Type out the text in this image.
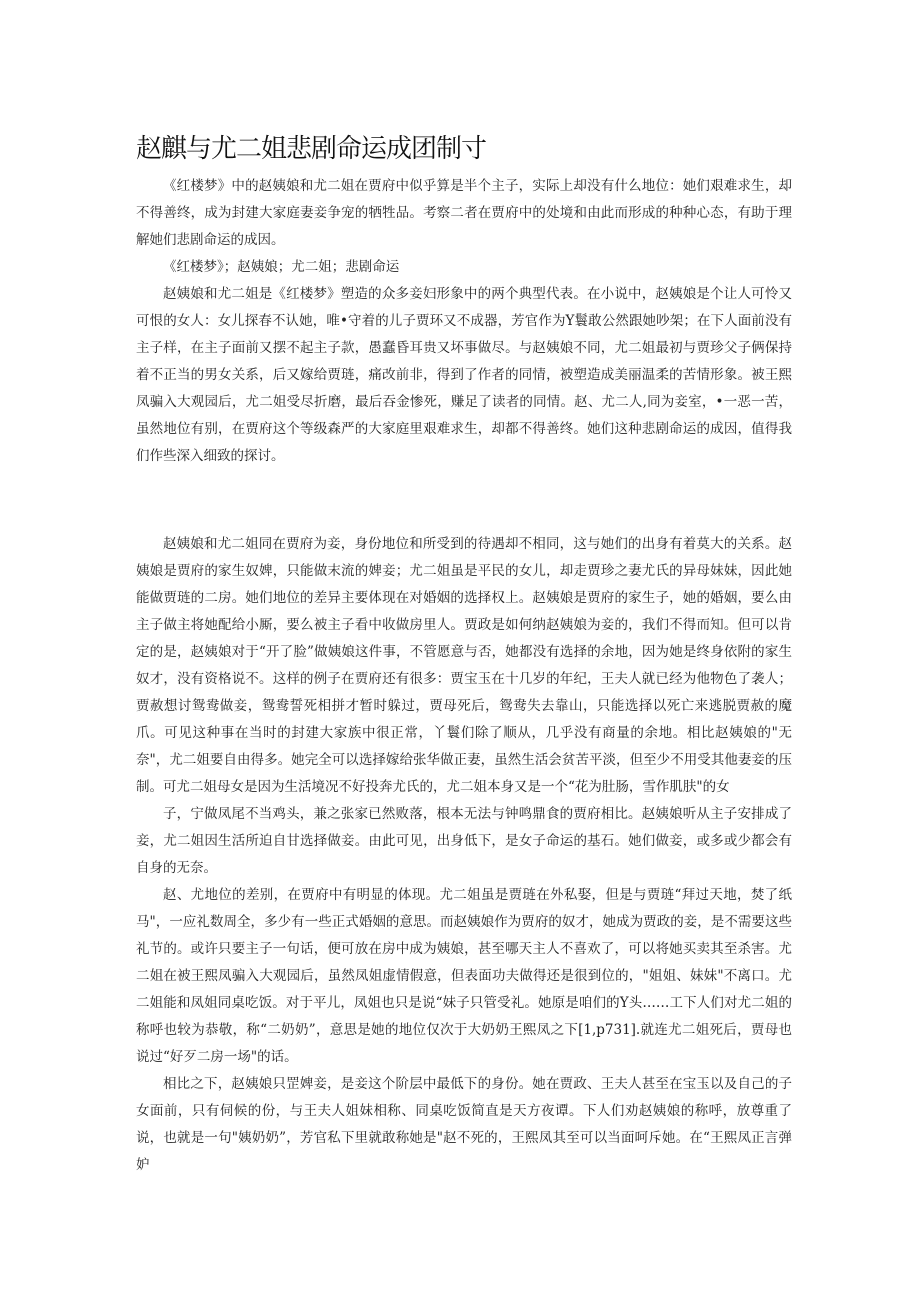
赵麒与尤二姐悲剧命运成团制寸

《红楼梦》中的赵姨娘和尤二姐在贾府中似乎算是半个主子，实际上却没有什么地位：她们艰难求生，却不得善终，成为封建大家庭妻妾争宠的牺牲品。考察二者在贾府中的处境和由此而形成的种种心态，有助于理解她们悲剧命运的成因。

《红楼梦》；赵姨娘；尤二姐；悲剧命运

赵姨娘和尤二姐是《红楼梦》塑造的众多妾妇形象中的两个典型代表。在小说中，赵姨娘是个让人可怜又可恨的女人：女儿探春不认她，唯•守着的儿子贾环又不成器，芳官作为Y鬟敢公然跟她吵架；在下人面前没有主子样，在主子面前又摆不起主子款，愚蠢昏耳贵又坏事做尽。与赵姨娘不同，尤二姐最初与贾珍父子俩保持着不正当的男女关系，后又嫁给贾琏，痛改前非，得到了作者的同情，被塑造成美丽温柔的苦情形象。被王熙凤骗入大观园后，尤二姐受尽折磨，最后吞金惨死，赚足了读者的同情。赵、尤二人,同为妾室，•一恶一苦，虽然地位有别，在贾府这个等级森严的大家庭里艰难求生，却都不得善终。她们这种悲剧命运的成因，值得我们作些深入细致的探讨。

赵姨娘和尤二姐同在贾府为妾，身份地位和所受到的待遇却不相同，这与她们的出身有着莫大的关系。赵姨娘是贾府的家生奴婢，只能做末流的婢妾；尤二姐虽是平民的女儿，却走贾珍之妻尤氏的异母妹妹，因此她能做贾琏的二房。她们地位的差异主要体现在对婚姻的选择权上。赵姨娘是贾府的家生子，她的婚姻，要么由主子做主将她配给小厮，要么被主子看中收做房里人。贾政是如何纳赵姨娘为妾的，我们不得而知。但可以肯定的是，赵姨娘对于“开了脸”做姨娘这件事，不管愿意与否，她都没有选择的余地，因为她是终身依附的家生奴才，没有资格说不。这样的例子在贾府还有很多：贾宝玉在十几岁的年纪，王夫人就已经为他物色了袭人；贾赦想讨鸳鸯做妾，鸳鸯誓死相拼才暂时躲过，贾母死后，鸳鸯失去靠山，只能选择以死亡来逃脱贾赦的魔爪。可见这种事在当时的封建大家族中很正常，丫鬟们除了顺从，几乎没有商量的余地。相比赵姨娘的"无奈"，尤二姐要自由得多。她完全可以选择嫁给张华做正妻，虽然生活会贫苦平淡，但至少不用受其他妻妾的压制。可尤二姐母女是因为生活境况不好投奔尤氏的，尤二姐本身又是一个“花为肚肠，雪作肌肤"的女

子，宁做凤尾不当鸡头，兼之张家已然败落，根本无法与钟鸣鼎食的贾府相比。赵姨娘听从主子安排成了妾，尤二姐因生活所迫自甘选择做妾。由此可见，出身低下，是女子命运的基石。她们做妾，或多或少都会有自身的无奈。

赵、尤地位的差别，在贾府中有明显的体现。尤二姐虽是贾琏在外私娶，但是与贾琏“拜过天地，焚了纸马"，一应礼数周全，多少有一些正式婚姻的意思。而赵姨娘作为贾府的奴才，她成为贾政的妾，是不需要这些礼节的。或许只要主子一句话，便可放在房中成为姨娘，甚至哪天主人不喜欢了，可以将她买卖其至杀害。尤二姐在被王熙凤骗入大观园后，虽然凤姐虚情假意，但表面功夫做得还是很到位的，"姐姐、妹妹"不离口。尤二姐能和凤姐同桌吃饭。对于平儿，凤姐也只是说“妹子只管受礼。她原是咱们的Y头……工下人们对尤二姐的称呼也较为恭敬，称“二奶奶”，意思是她的地位仅次于大奶奶王熙凤之下[1,p731].就连尤二姐死后，贾母也说过“好歹二房一场"的话。

相比之下，赵姨娘只罡婢妾，是妾这个阶层中最低下的身份。她在贾政、王夫人甚至在宝玉以及自己的子女面前，只有伺候的份，与王夫人姐妹相称、同桌吃饭简直是天方夜谭。下人们劝赵姨娘的称呼，放尊重了说，也就是一句"姨奶奶”，芳官私下里就敢称她是"赵不死的，王熙凤其至可以当面呵斥她。在“王熙凤正言弹妒
